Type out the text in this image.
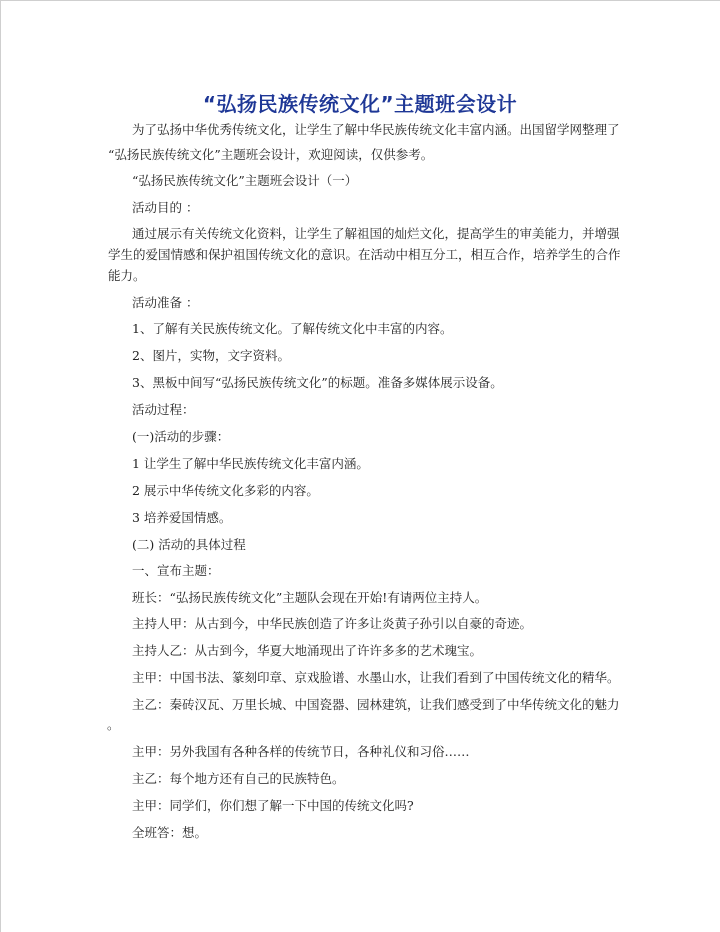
“弘扬民族传统文化”主题班会设计
为了弘扬中华优秀传统文化，让学生了解中华民族传统文化丰富内涵。出国留学网整理了
“弘扬民族传统文化”主题班会设计，欢迎阅读，仅供参考。
“弘扬民族传统文化”主题班会设计（一）
活动目的 ：
通过展示有关传统文化资料，让学生了解祖国的灿烂文化，提高学生的审美能力，并增强
学生的爱国情感和保护祖国传统文化的意识。在活动中相互分工，相互合作，培养学生的合作
能力。
活动准备 ：
1、了解有关民族传统文化。了解传统文化中丰富的内容。
2、图片，实物，文字资料。
3、黑板中间写“弘扬民族传统文化”的标题。准备多媒体展示设备。
活动过程：
(一)活动的步骤：
1 让学生了解中华民族传统文化丰富内涵。
2 展示中华传统文化多彩的内容。
3 培养爱国情感。
(二) 活动的具体过程
一、宣布主题：
班长：“弘扬民族传统文化”主题队会现在开始!有请两位主持人。
主持人甲：从古到今，中华民族创造了许多让炎黄子孙引以自豪的奇迹。
主持人乙：从古到今，华夏大地涌现出了许许多多的艺术瑰宝。
主甲：中国书法、篆刻印章、京戏脸谱、水墨山水，让我们看到了中国传统文化的精华。
主乙：秦砖汉瓦、万里长城、中国瓷器、园林建筑，让我们感受到了中华传统文化的魅力
。
主甲：另外我国有各种各样的传统节日，各种礼仪和习俗……
主乙：每个地方还有自己的民族特色。
主甲：同学们，你们想了解一下中国的传统文化吗?
全班答：想。
